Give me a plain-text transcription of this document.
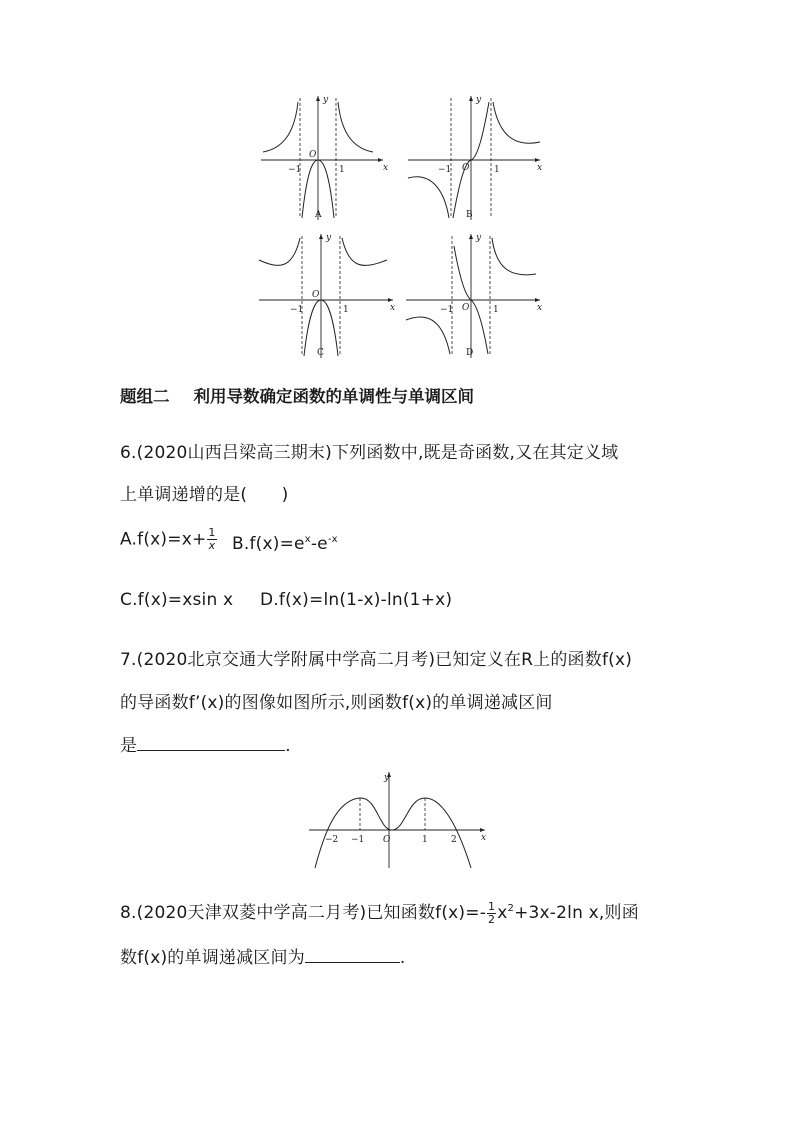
y
x
O
−1	1
A
y
x
O
−1	1
B
y
x
O
−1	1
C
y
x
O
−1	1
D
题组二 利用导数确定函数的单调性与单调区间
6.(2020山西吕梁高三期末)下列函数中,既是奇函数,又在其定义域
上单调递增的是(　　)
$A.f(x)=x+ \frac{1}{x} B.f(x)=e^x-e^{-x}$
C.f(x)=xsin x D.f(x)=ln(1-x)-ln(1+x)
7.(2020北京交通大学附属中学高二月考)已知定义在R上的函数f(x)
的导函数f’(x)的图像如图所示,则函数f(x)的单调递减区间
是	.
y
x
O
−2 −1	1	2
8.(2020天津双菱中学高二月考)已知函数$f(x)=- \frac{1}{2} x^2+3x-2\ln$ x,则函
数f(x)的单调递减区间为	.
